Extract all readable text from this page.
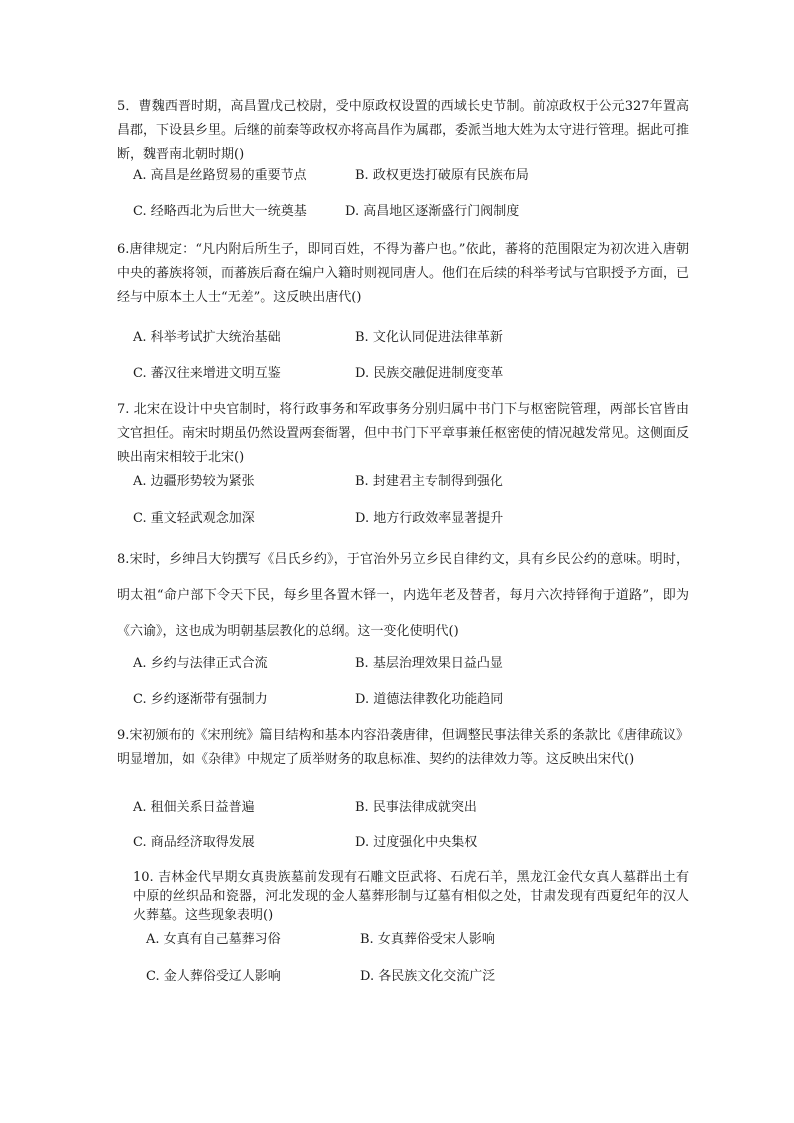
5．曹魏西晋时期，高昌置戊己校尉，受中原政权设置的西域长史节制。前凉政权于公元327年置高昌郡，下设县乡里。后继的前秦等政权亦将高昌作为属郡，委派当地大姓为太守进行管理。据此可推断，魏晋南北朝时期()

A. 高昌是丝路贸易的重要节点	B. 政权更迭打破原有民族布局
C. 经略西北为后世大一统奠基	D. 高昌地区逐渐盛行门阀制度

6.唐律规定：“凡内附后所生子，即同百姓，不得为蕃户也。”依此，蕃将的范围限定为初次进入唐朝中央的蕃族将领，而蕃族后裔在编户入籍时则视同唐人。他们在后续的科举考试与官职授予方面，已经与中原本土人士“无差”。这反映出唐代()

A. 科举考试扩大统治基础	B. 文化认同促进法律革新
C. 蕃汉往来增进文明互鉴	D. 民族交融促进制度变革

7. 北宋在设计中央官制时，将行政事务和军政事务分别归属中书门下与枢密院管理，两部长官皆由文官担任。南宋时期虽仍然设置两套衙署，但中书门下平章事兼任枢密使的情况越发常见。这侧面反映出南宋相较于北宋()

A. 边疆形势较为紧张	B. 封建君主专制得到强化
C. 重文轻武观念加深	D. 地方行政效率显著提升

8.宋时，乡绅吕大钧撰写《吕氏乡约》，于官治外另立乡民自律约文，具有乡民公约的意味。明时，明太祖“命户部下令天下民，每乡里各置木铎一，内选年老及替者，每月六次持铎徇于道路”，即为《六谕》，这也成为明朝基层教化的总纲。这一变化使明代()

A. 乡约与法律正式合流	B. 基层治理效果日益凸显
C. 乡约逐渐带有强制力	D. 道德法律教化功能趋同

9.宋初颁布的《宋刑统》篇目结构和基本内容沿袭唐律，但调整民事法律关系的条款比《唐律疏议》明显增加，如《杂律》中规定了质举财务的取息标准、契约的法律效力等。这反映出宋代()

A. 租佃关系日益普遍	B. 民事法律成就突出
C. 商品经济取得发展	D. 过度强化中央集权

10. 吉林金代早期女真贵族墓前发现有石雕文臣武将、石虎石羊，黑龙江金代女真人墓群出土有中原的丝织品和瓷器，河北发现的金人墓葬形制与辽墓有相似之处，甘肃发现有西夏纪年的汉人火葬墓。这些现象表明()

A. 女真有自己墓葬习俗	B. 女真葬俗受宋人影响
C. 金人葬俗受辽人影响	D. 各民族文化交流广泛
